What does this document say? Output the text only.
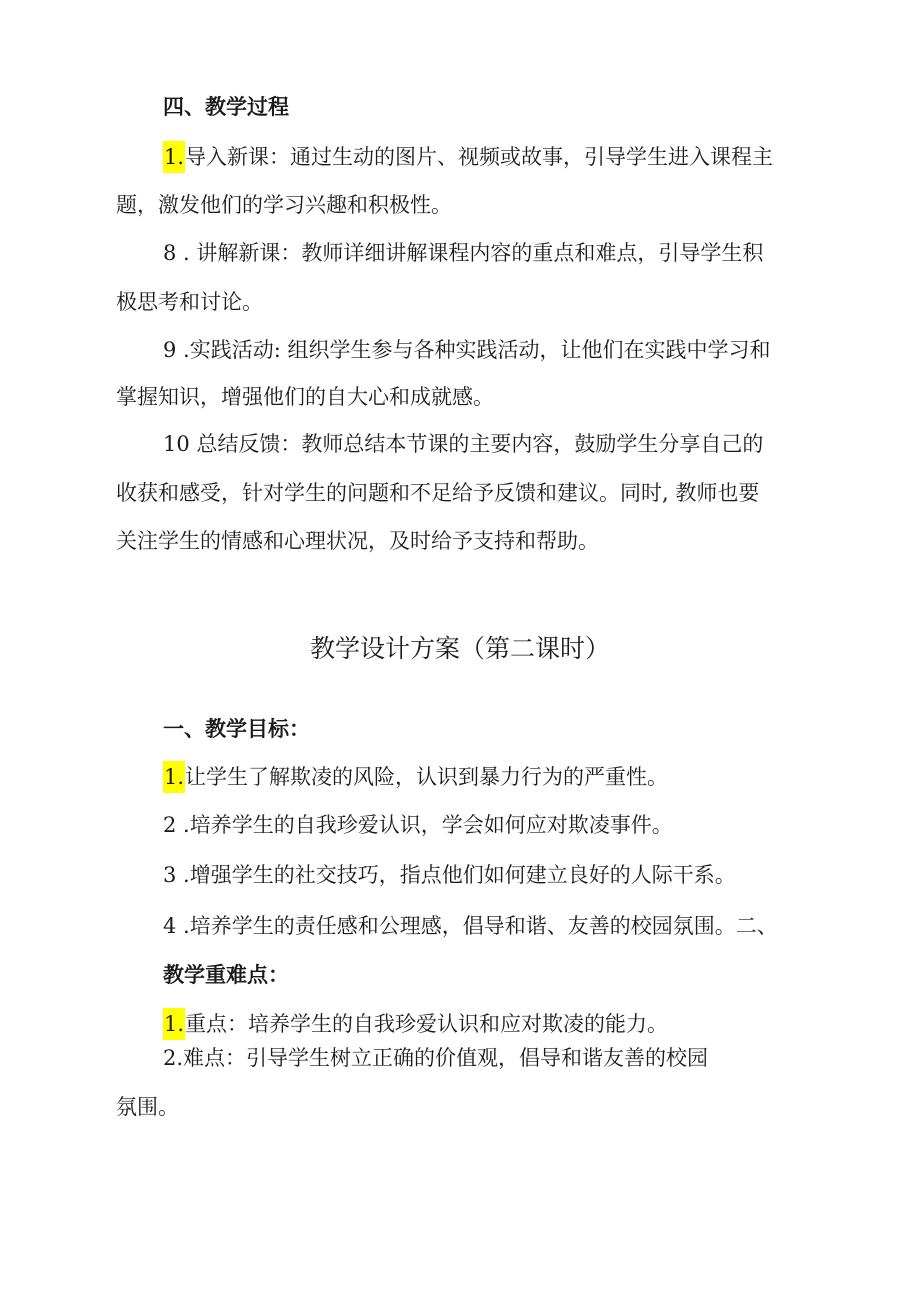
四、教学过程
1.导入新课：通过生动的图片、视频或故事，引导学生进入课程主
题，激发他们的学习兴趣和积极性。
8 . 讲解新课：教师详细讲解课程内容的重点和难点，引导学生积
极思考和讨论。
9 .实践活动: 组织学生参与各种实践活动，让他们在实践中学习和
掌握知识，增强他们的自大心和成就感。
10 总结反馈：教师总结本节课的主要内容，鼓励学生分享自己的
收获和感受，针对学生的问题和不足给予反馈和建议。同时, 教师也要
关注学生的情感和心理状况，及时给予支持和帮助。
教学设计方案（第二课时）
一、教学目标：
1.让学生了解欺凌的风险，认识到暴力行为的严重性。
2 .培养学生的自我珍爱认识，学会如何应对欺凌事件。
3 .增强学生的社交技巧，指点他们如何建立良好的人际干系。
4 .培养学生的责任感和公理感，倡导和谐、友善的校园氛围。二、
教学重难点：
1.重点：培养学生的自我珍爱认识和应对欺凌的能力。
2.难点：引导学生树立正确的价值观，倡导和谐友善的校园
氛围。
